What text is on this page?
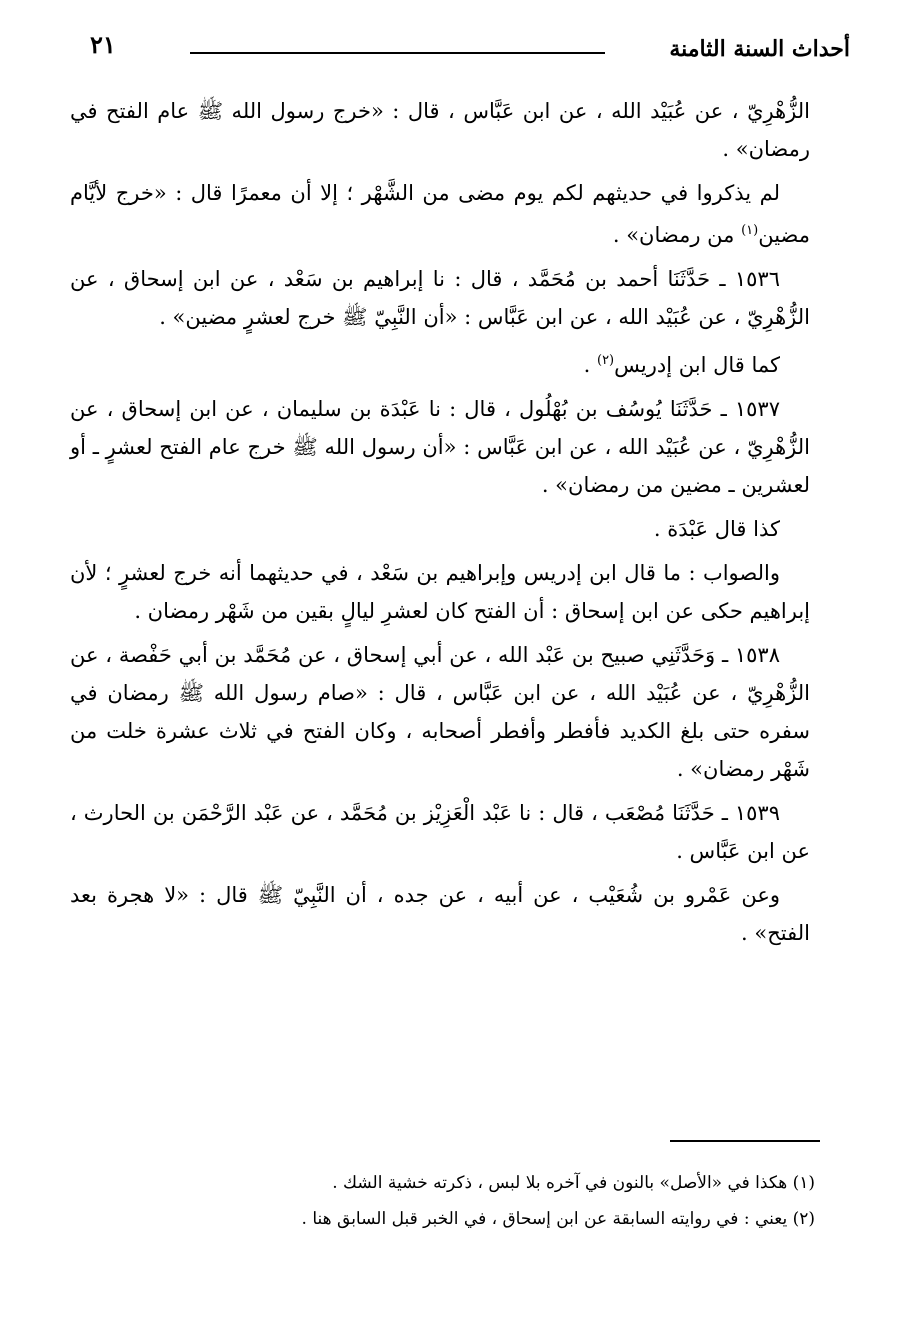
٢١	أحداث السنة الثامنة

الزُّهْرِيّ ، عن عُبَيْد الله ، عن ابن عَبَّاس ، قال : «خرج رسول الله ﷺ عام الفتح في رمضان» .

لم يذكروا في حديثهم لكم يوم مضى من الشَّهْر ؛ إلا أن معمرًا قال : «خرج لأيَّام مضين$^{(١)}$ من رمضان» .

١٥٣٦ ـ حَدَّثَنَا أحمد بن مُحَمَّد ، قال : نا إبراهيم بن سَعْد ، عن ابن إسحاق ، عن الزُّهْرِيّ ، عن عُبَيْد الله ، عن ابن عَبَّاس : «أن النَّبِيّ ﷺ خرج لعشرٍ مضين» .

كما قال ابن إدريس$^{(٢)}$ .

١٥٣٧ ـ حَدَّثَنَا يُوسُف بن بُهْلُول ، قال : نا عَبْدَة بن سليمان ، عن ابن إسحاق ، عن الزُّهْرِيّ ، عن عُبَيْد الله ، عن ابن عَبَّاس : «أن رسول الله ﷺ خرج عام الفتح لعشرٍ ـ أو لعشرين ـ مضين من رمضان» .

كذا قال عَبْدَة .

والصواب : ما قال ابن إدريس وإبراهيم بن سَعْد ، في حديثهما أنه خرج لعشرٍ ؛ لأن إبراهيم حكى عن ابن إسحاق : أن الفتح كان لعشرِ ليالٍ بقين من شَهْر رمضان .

١٥٣٨ ـ وَحَدَّثَنِي صبيح بن عَبْد الله ، عن أبي إسحاق ، عن مُحَمَّد بن أبي حَفْصة ، عن الزُّهْرِيّ ، عن عُبَيْد الله ، عن ابن عَبَّاس ، قال : «صام رسول الله ﷺ رمضان في سفره حتى بلغ الكديد فأفطر وأفطر أصحابه ، وكان الفتح في ثلاث عشرة خلت من شَهْر رمضان» .

١٥٣٩ ـ حَدَّثَنَا مُصْعَب ، قال : نا عَبْد الْعَزِيْز بن مُحَمَّد ، عن عَبْد الرَّحْمَن بن الحارث ، عن ابن عَبَّاس .

وعن عَمْرو بن شُعَيْب ، عن أبيه ، عن جده ، أن النَّبِيّ ﷺ قال : «لا هجرة بعد الفتح» .

(١) هكذا في «الأصل» بالنون في آخره بلا لبس ، ذكرته خشية الشك .

(٢) يعني : في روايته السابقة عن ابن إسحاق ، في الخبر قبل السابق هنا .
